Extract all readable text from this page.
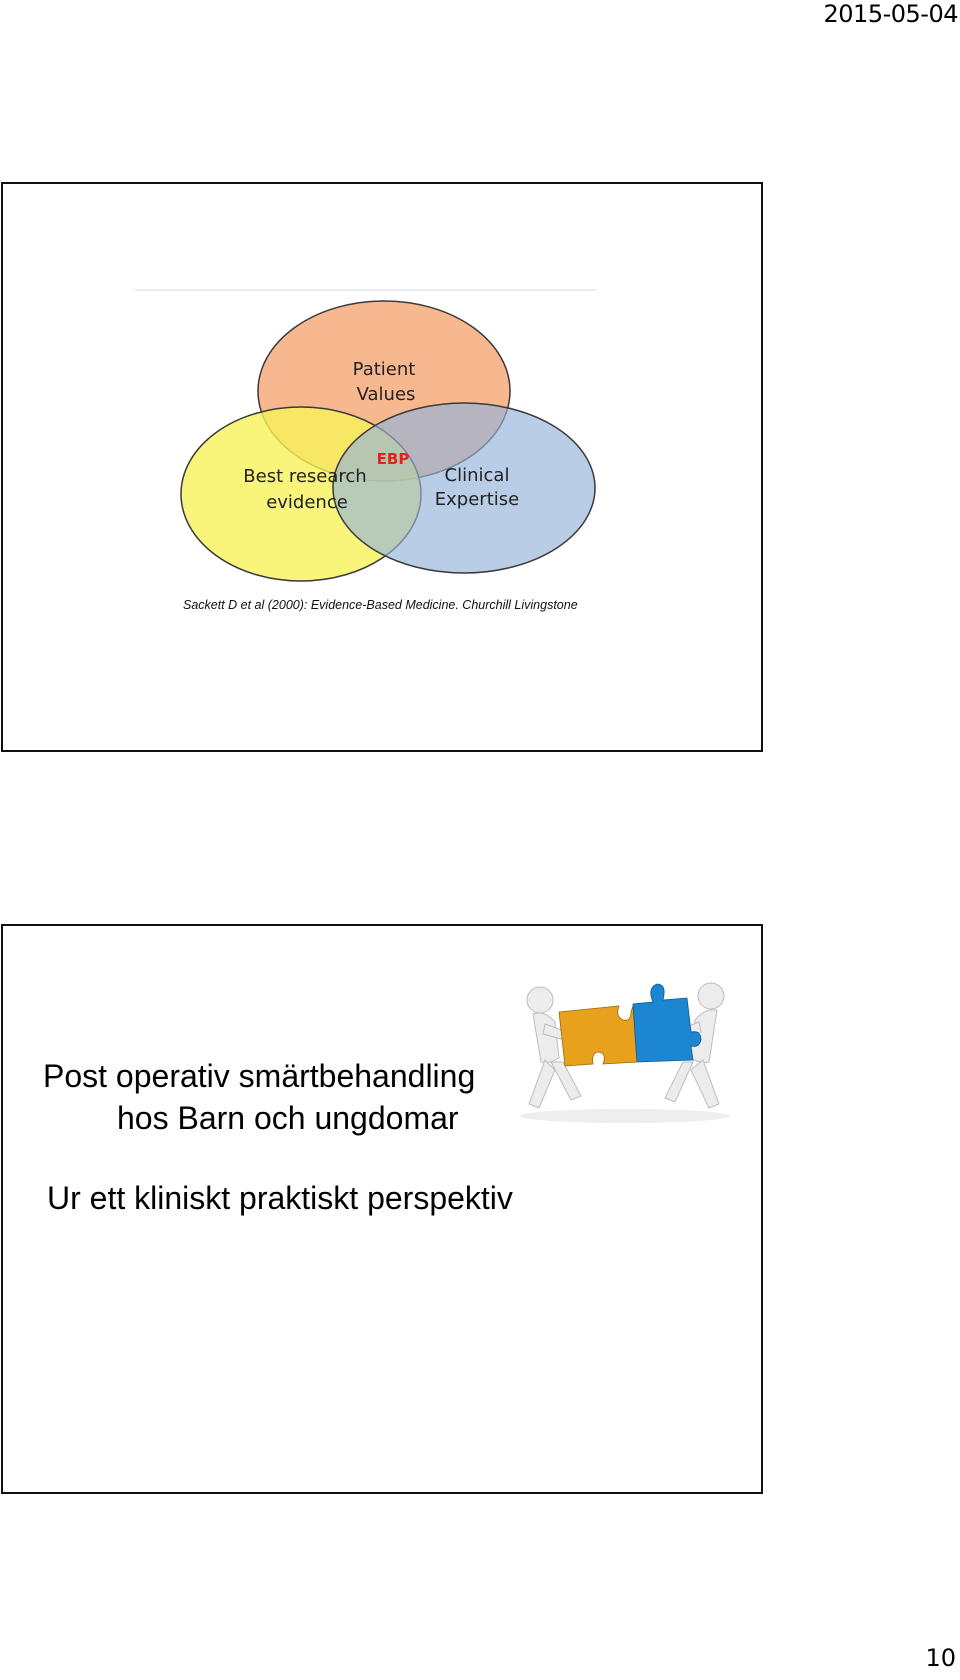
2015-05-04
Patient
Values
Best research
evidence
Clinical
Expertise
EBP
Sackett D et al (2000): Evidence-Based Medicine. Churchill Livingstone
Post operativ smärtbehandling
hos Barn och ungdomar
Ur ett kliniskt praktiskt perspektiv
10
